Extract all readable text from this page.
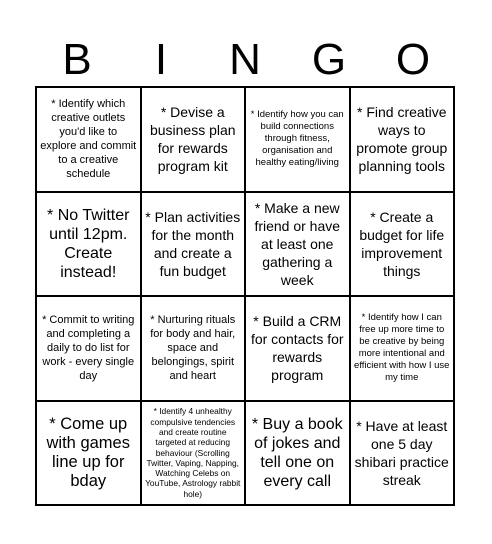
B	I	N	G	O
* Identify which creative outlets you'd like to explore and commit to a creative schedule
* Devise a business plan for rewards program kit
* Identify how you can build connections through fitness, organisation and healthy eating/living
* Find creative ways to promote group planning tools
* No Twitter until 12pm. Create instead!
* Plan activities for the month and create a fun budget
* Make a new friend or have at least one gathering a week
* Create a budget for life improvement things
* Commit to writing and completing a daily to do list for work - every single day
* Nurturing rituals for body and hair, space and belongings, spirit and heart
* Build a CRM for contacts for rewards program
* Identify how I can free up more time to be creative by being more intentional and efficient with how I use my time
* Come up with games line up for bday
* Identify 4 unhealthy compulsive tendencies and create routine targeted at reducing behaviour (Scrolling Twitter, Vaping, Napping, Watching Celebs on YouTube, Astrology rabbit hole)
* Buy a book of jokes and tell one on every call
* Have at least one 5 day shibari practice streak
